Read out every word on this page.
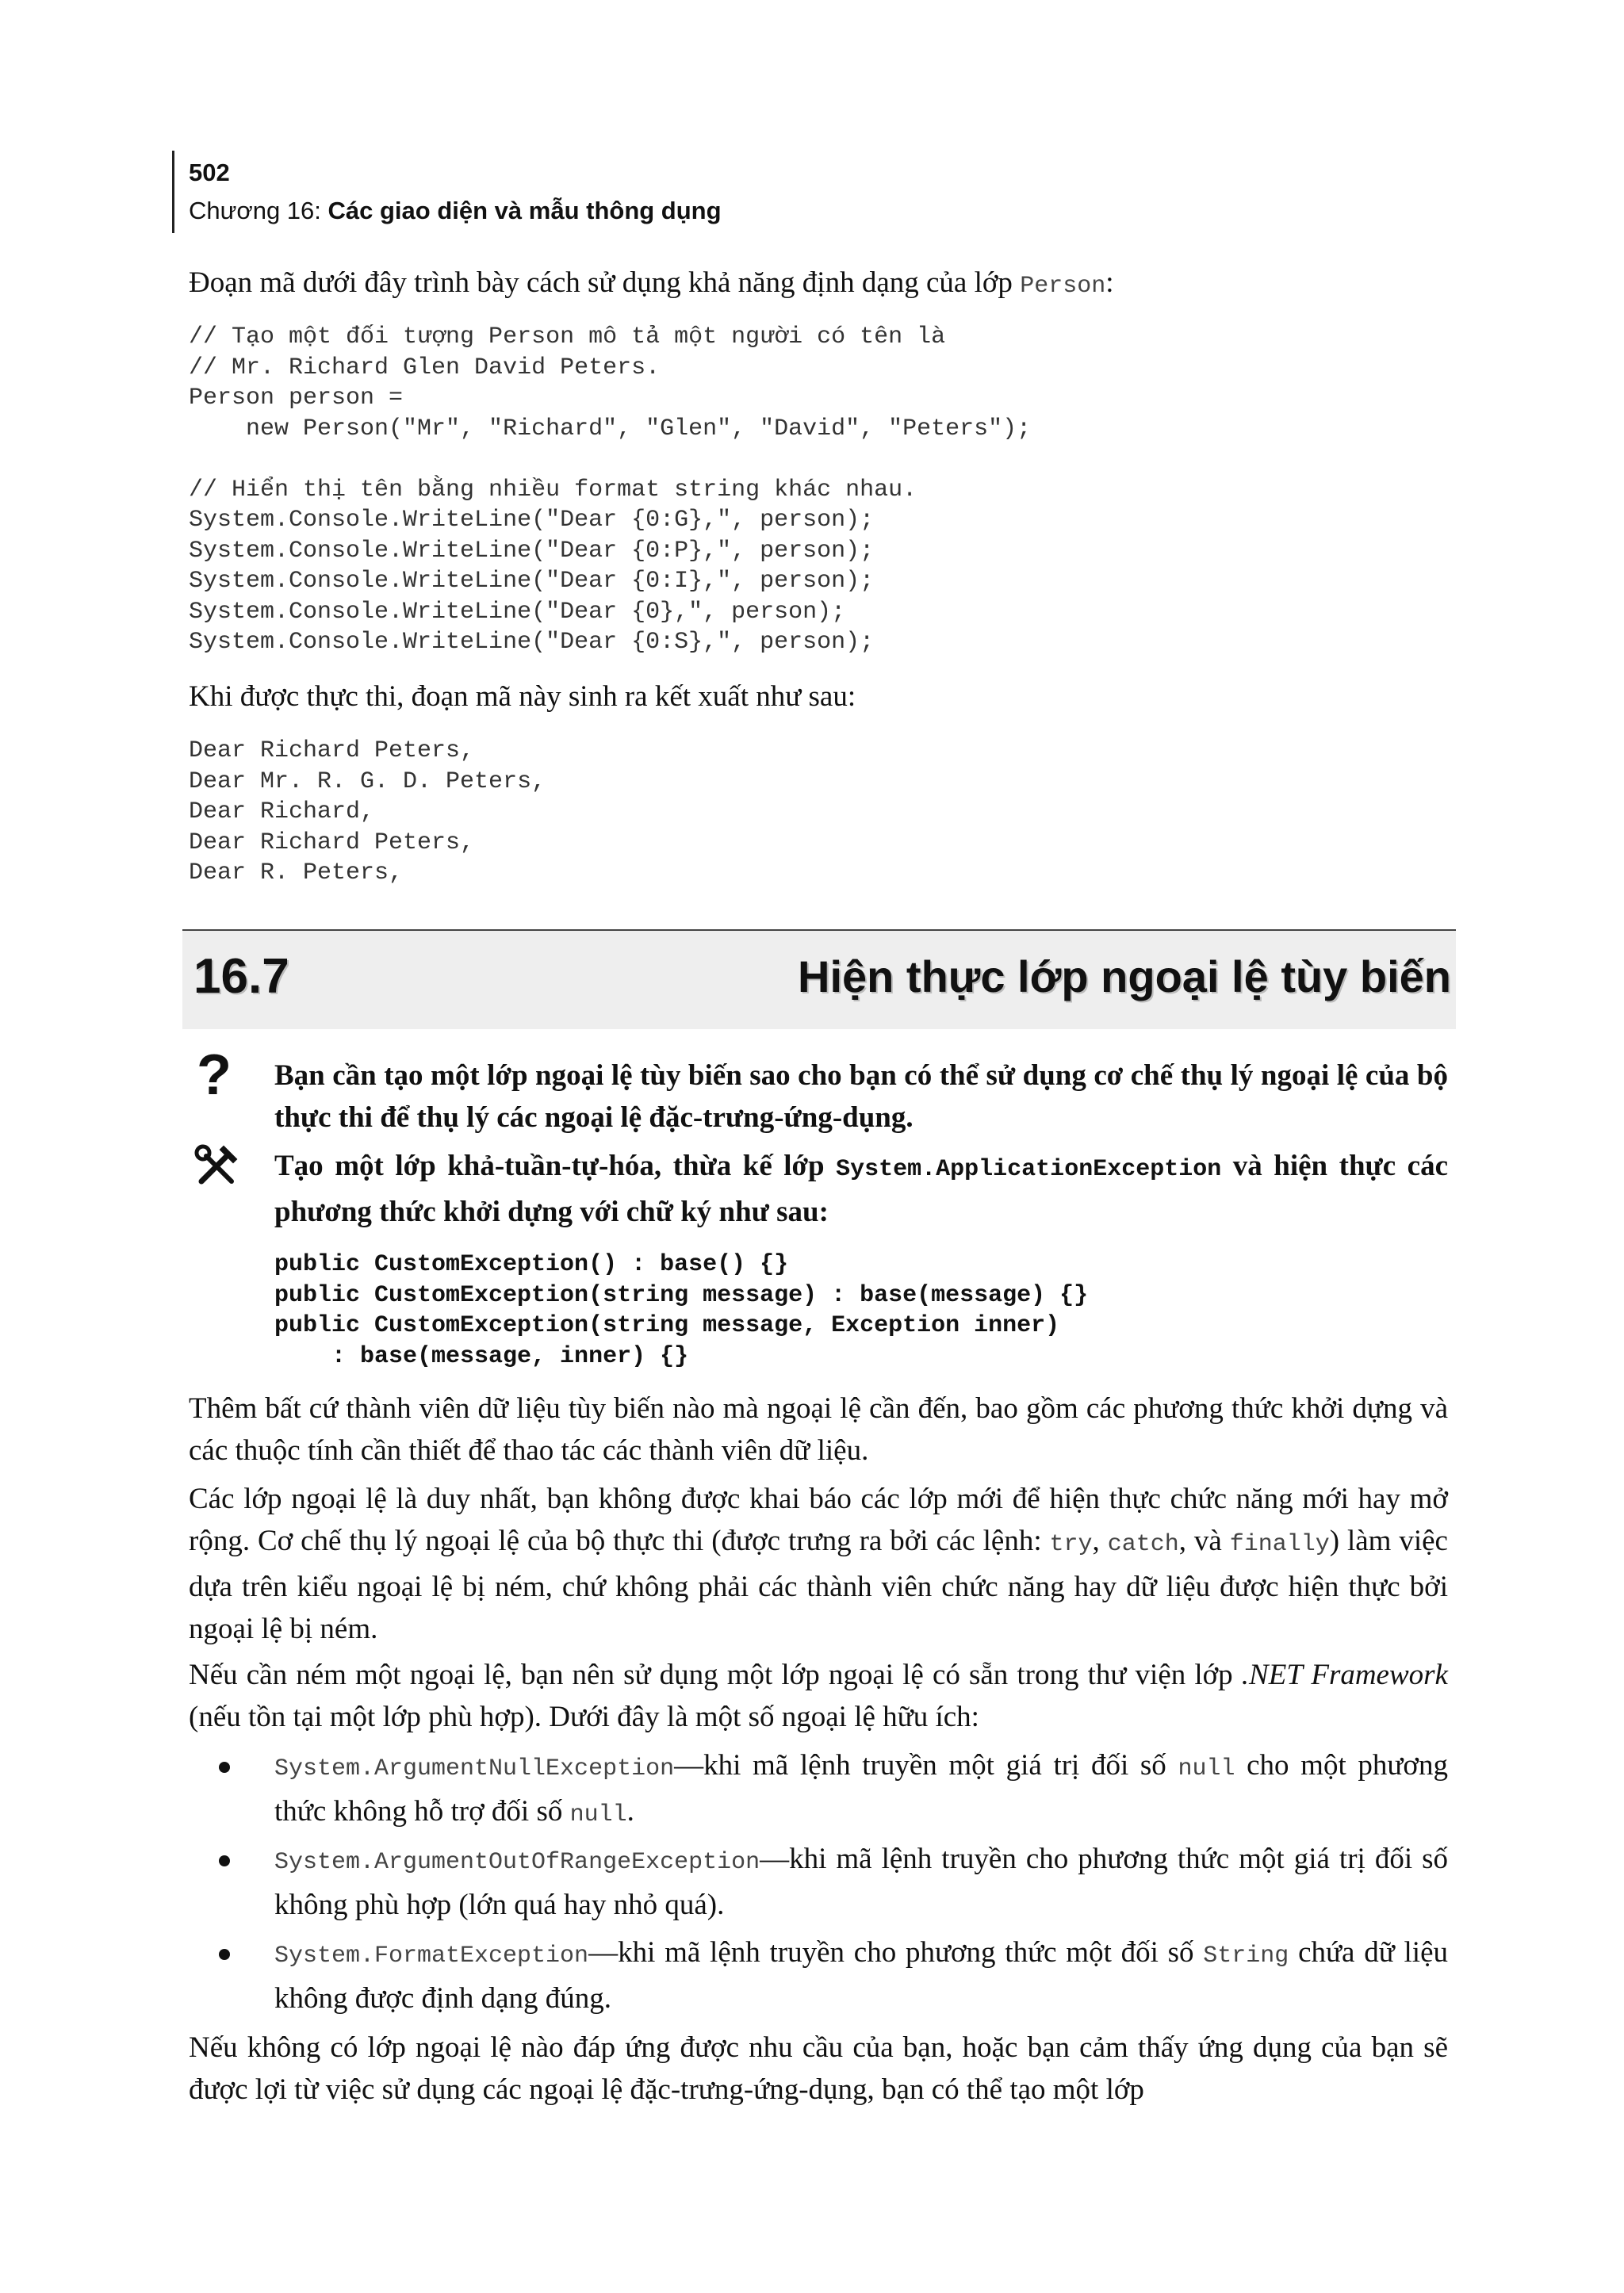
502
Chương 16: Các giao diện và mẫu thông dụng
Đoạn mã dưới đây trình bày cách sử dụng khả năng định dạng của lớp Person:
// Tạo một đối tượng Person mô tả một người có tên là
// Mr. Richard Glen David Peters.
Person person =
new Person("Mr", "Richard", "Glen", "David", "Peters");

// Hiển thị tên bằng nhiều format string khác nhau.
System.Console.WriteLine("Dear {0:G},", person);
System.Console.WriteLine("Dear {0:P},", person);
System.Console.WriteLine("Dear {0:I},", person);
System.Console.WriteLine("Dear {0},", person);
System.Console.WriteLine("Dear {0:S},", person);
Khi được thực thi, đoạn mã này sinh ra kết xuất như sau:
Dear Richard Peters,
Dear Mr. R. G. D. Peters,
Dear Richard,
Dear Richard Peters,
Dear R. Peters,
16.7	Hiện thực lớp ngoại lệ tùy biến
? Bạn cần tạo một lớp ngoại lệ tùy biến sao cho bạn có thể sử dụng cơ chế thụ lý ngoại lệ của bộ thực thi để thụ lý các ngoại lệ đặc-trưng-ứng-dụng.
Tạo một lớp khả-tuần-tự-hóa, thừa kế lớp System.ApplicationException và hiện thực các phương thức khởi dựng với chữ ký như sau:
public CustomException() : base() {}
public CustomException(string message) : base(message) {}
public CustomException(string message, Exception inner)
: base(message, inner) {}
Thêm bất cứ thành viên dữ liệu tùy biến nào mà ngoại lệ cần đến, bao gồm các phương thức khởi dựng và các thuộc tính cần thiết để thao tác các thành viên dữ liệu.
Các lớp ngoại lệ là duy nhất, bạn không được khai báo các lớp mới để hiện thực chức năng mới hay mở rộng. Cơ chế thụ lý ngoại lệ của bộ thực thi (được trưng ra bởi các lệnh: try, catch, và finally) làm việc dựa trên kiểu ngoại lệ bị ném, chứ không phải các thành viên chức năng hay dữ liệu được hiện thực bởi ngoại lệ bị ném.
Nếu cần ném một ngoại lệ, bạn nên sử dụng một lớp ngoại lệ có sẵn trong thư viện lớp .NET Framework (nếu tồn tại một lớp phù hợp). Dưới đây là một số ngoại lệ hữu ích:
System.ArgumentNullException—khi mã lệnh truyền một giá trị đối số null cho một phương thức không hỗ trợ đối số null.
System.ArgumentOutOfRangeException—khi mã lệnh truyền cho phương thức một giá trị đối số không phù hợp (lớn quá hay nhỏ quá).
System.FormatException—khi mã lệnh truyền cho phương thức một đối số String chứa dữ liệu không được định dạng đúng.
Nếu không có lớp ngoại lệ nào đáp ứng được nhu cầu của bạn, hoặc bạn cảm thấy ứng dụng của bạn sẽ được lợi từ việc sử dụng các ngoại lệ đặc-trưng-ứng-dụng, bạn có thể tạo một lớp
